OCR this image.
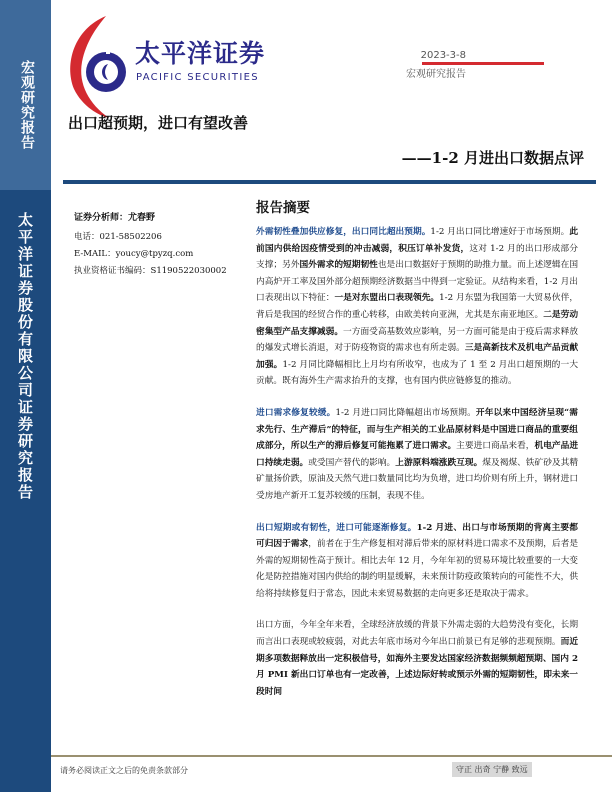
宏观研究报告
太平洋证券股份有限公司证券研究报告
太平洋证券
PACIFIC SECURITIES
2023-3-8
宏观研究报告
出口超预期，进口有望改善
——1-2 月进出口数据点评
证券分析师：尤春野
电话：021-58502206
E-MAIL：youcy@tpyzq.com
执业资格证书编码：S1190522030002
报告摘要

外需韧性叠加供应修复，出口同比超出预期。1-2 月出口同比增速好于市场预期。此前国内供给因疫情受到的冲击减弱，积压订单补发货，这对 1-2 月的出口形成部分支撑；另外国外需求的短期韧性也是出口数据好于预期的助推力量。而上述逻辑在国内高炉开工率及国外部分超预期经济数据当中得到一定验证。从结构来看，1-2 月出口表现出以下特征：一是对东盟出口表现领先。1-2 月东盟为我国第一大贸易伙伴，背后是我国的经贸合作的重心转移，由欧美转向亚洲，尤其是东南亚地区。二是劳动密集型产品支撑减弱。一方面受高基数效应影响，另一方面可能是由于疫后需求释放的爆发式增长消退，对于防疫物资的需求也有所走弱。三是高新技术及机电产品贡献加强。1-2 月同比降幅相比上月均有所收窄，也成为了 1 至 2 月出口超预期的一大贡献。既有海外生产需求抬升的支撑，也有国内供应链修复的推动。

进口需求修复较缓。1-2 月进口同比降幅超出市场预期。开年以来中国经济呈现“需求先行、生产滞后”的特征，而与生产相关的工业品原材料是中国进口商品的重要组成部分，所以生产的滞后修复可能拖累了进口需求。主要进口商品来看，机电产品进口持续走弱。或受国产替代的影响。上游原料端涨跌互现。煤及褐煤、铁矿砂及其精矿量扬价跌，原油及天然气进口数量同比均为负增，进口均价则有所上升，钢材进口受房地产新开工复苏较缓的压制，表现不佳。

出口短期或有韧性，进口可能逐渐修复。1-2 月进、出口与市场预期的背离主要都可归因于需求，前者在于生产修复相对滞后带来的原材料进口需求不及预期，后者是外需的短期韧性高于预计。相比去年 12 月，今年年初的贸易环境比较重要的一大变化是防控措施对国内供给的制约明显缓解，未来预计防疫政策转向的可能性不大，供给将持续修复归于常态，因此未来贸易数据的走向更多还是取决于需求。

出口方面，今年全年来看，全球经济放缓的背景下外需走弱的大趋势没有变化，长期而言出口表现或较疲弱，对此去年底市场对今年出口前景已有足够的悲观预期。而近期多项数据释放出一定积极信号，如海外主要发达国家经济数据频频超预期、国内 2 月 PMI 新出口订单也有一定改善，上述边际好转或预示外需的短期韧性，即未来一段时间

请务必阅读正文之后的免责条款部分	守正 出奇 宁静 致远
